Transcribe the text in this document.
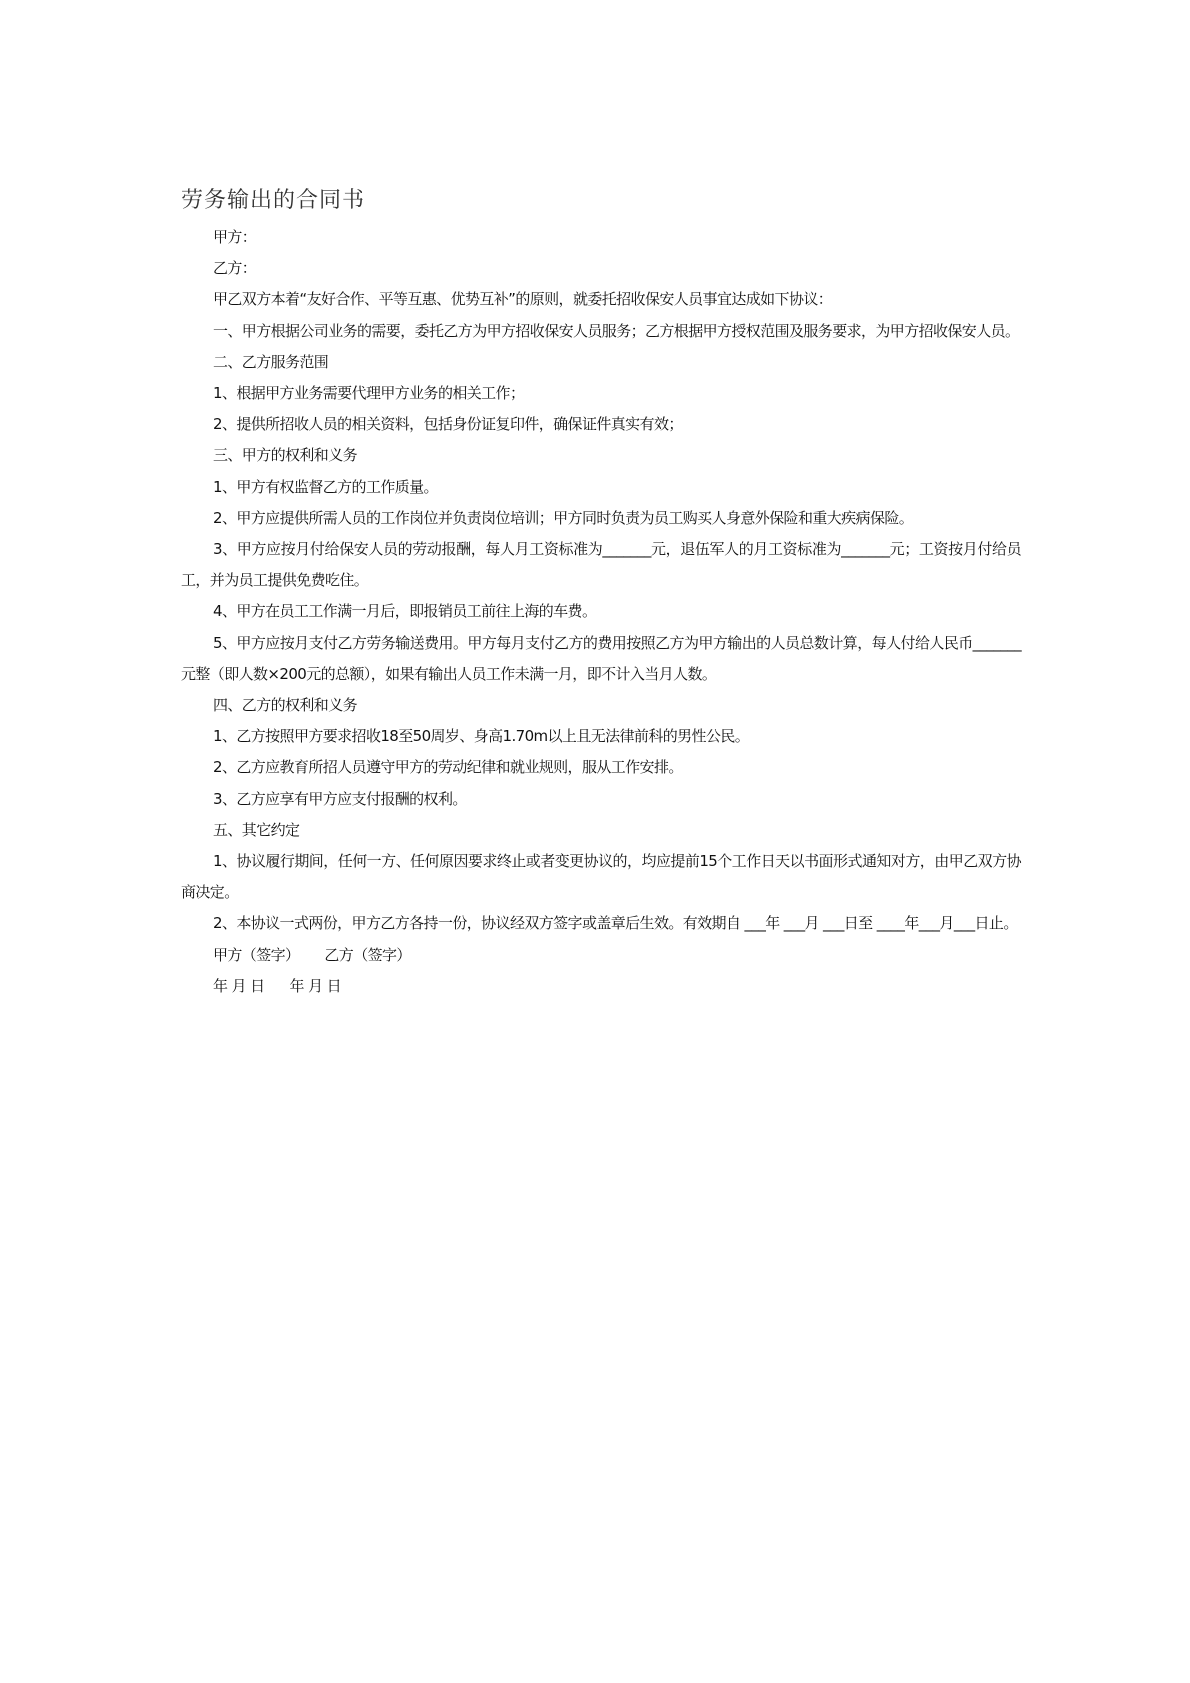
劳务输出的合同书

甲方：

乙方：

甲乙双方本着“友好合作、平等互惠、优势互补”的原则，就委托招收保安人员事宜达成如下协议：

一、甲方根据公司业务的需要，委托乙方为甲方招收保安人员服务；乙方根据甲方授权范围及服务要求，为甲方招收保安人员。

二、乙方服务范围

1、根据甲方业务需要代理甲方业务的相关工作；

2、提供所招收人员的相关资料，包括身份证复印件，确保证件真实有效；

三、甲方的权利和义务

1、甲方有权监督乙方的工作质量。

2、甲方应提供所需人员的工作岗位并负责岗位培训；甲方同时负责为员工购买人身意外保险和重大疾病保险。

3、甲方应按月付给保安人员的劳动报酬，每人月工资标准为_______元，退伍军人的月工资标准为_______元；工资按月付给员工，并为员工提供免费吃住。

4、甲方在员工工作满一月后，即报销员工前往上海的车费。

5、甲方应按月支付乙方劳务输送费用。甲方每月支付乙方的费用按照乙方为甲方输出的人员总数计算，每人付给人民币_______元整（即人数×200元的总额），如果有输出人员工作未满一月，即不计入当月人数。

四、乙方的权利和义务

1、乙方按照甲方要求招收18至50周岁、身高1.70m以上且无法律前科的男性公民。

2、乙方应教育所招人员遵守甲方的劳动纪律和就业规则，服从工作安排。

3、乙方应享有甲方应支付报酬的权利。

五、其它约定

1、协议履行期间，任何一方、任何原因要求终止或者变更协议的，均应提前15个工作日天以书面形式通知对方，由甲乙双方协商决定。

2、本协议一式两份，甲方乙方各持一份，协议经双方签字或盖章后生效。有效期自 ___年 ___月 ___日至 ____年___月___日止。

甲方（签字）      乙方（签字）

年 月 日      年 月 日
